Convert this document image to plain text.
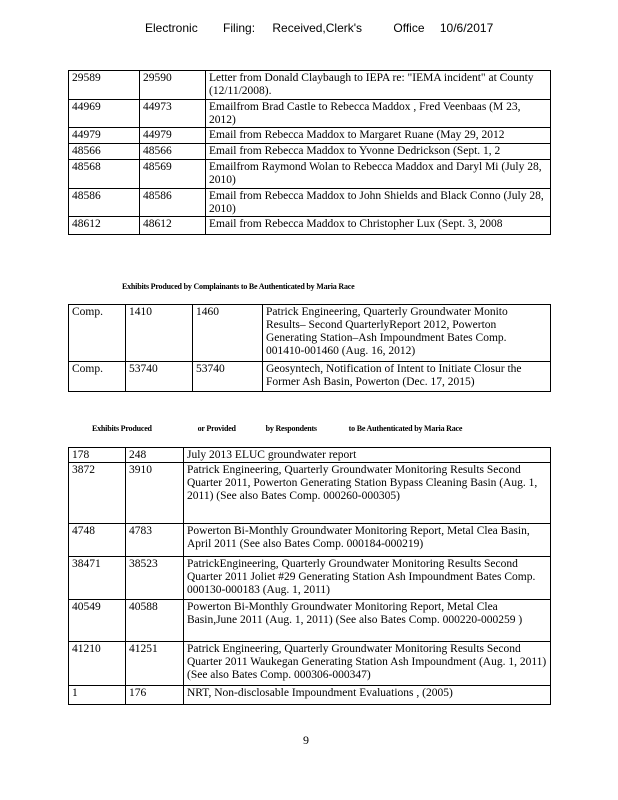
Electronic Filing: Received,Clerk's	Office 10/6/2017
29589	29590	Letter from Donald Claybaugh to IEPA re: "IEMA incident" at County (12/11/2008).
44969	44973	Emailfrom Brad Castle to Rebecca Maddox , Fred Veenbaas (M 23, 2012)
44979	44979	Email from Rebecca Maddox to Margaret Ruane (May 29, 2012
48566	48566	Email from Rebecca Maddox to Yvonne Dedrickson (Sept. 1, 2
48568	48569	Emailfrom Raymond Wolan to Rebecca Maddox and Daryl Mi (July 28, 2010)
48586	48586	Email from Rebecca Maddox to John Shields and Black Conno (July 28, 2010)
48612	48612	Email from Rebecca Maddox to Christopher Lux (Sept. 3, 2008
Exhibits Produced by Complainants to Be Authenticated by Maria Race
Comp.	1410	1460	Patrick Engineering, Quarterly Groundwater Monito Results– Second QuarterlyReport 2012, Powerton Generating Station–Ash Impoundment Bates Comp. 001410-001460 (Aug. 16, 2012)
Comp.	53740	53740	Geosyntech, Notification of Intent to Initiate Closur the Former Ash Basin, Powerton (Dec. 17, 2015)
Exhibits Produced	or Provided	by Respondents	to Be Authenticated by Maria Race
178	248	July 2013 ELUC groundwater report
3872	3910	Patrick Engineering, Quarterly Groundwater Monitoring Results Second Quarter 2011, Powerton Generating Station Bypass Cleaning Basin (Aug. 1, 2011) (See also Bates Comp. 000260-000305)
4748	4783	Powerton Bi-Monthly Groundwater Monitoring Report, Metal Clea Basin, April 2011 (See also Bates Comp. 000184-000219)
38471	38523	PatrickEngineering, Quarterly Groundwater Monitoring Results Second Quarter 2011 Joliet #29 Generating Station Ash Impoundment Bates Comp. 000130-000183 (Aug. 1, 2011)
40549	40588	Powerton Bi-Monthly Groundwater Monitoring Report, Metal Clea Basin,June 2011 (Aug. 1, 2011) (See also Bates Comp. 000220-000259 )
41210	41251	Patrick Engineering, Quarterly Groundwater Monitoring Results Second Quarter 2011 Waukegan Generating Station Ash Impoundment (Aug. 1, 2011) (See also Bates Comp. 000306-000347)
1	176	NRT, Non-disclosable Impoundment Evaluations , (2005)
9
